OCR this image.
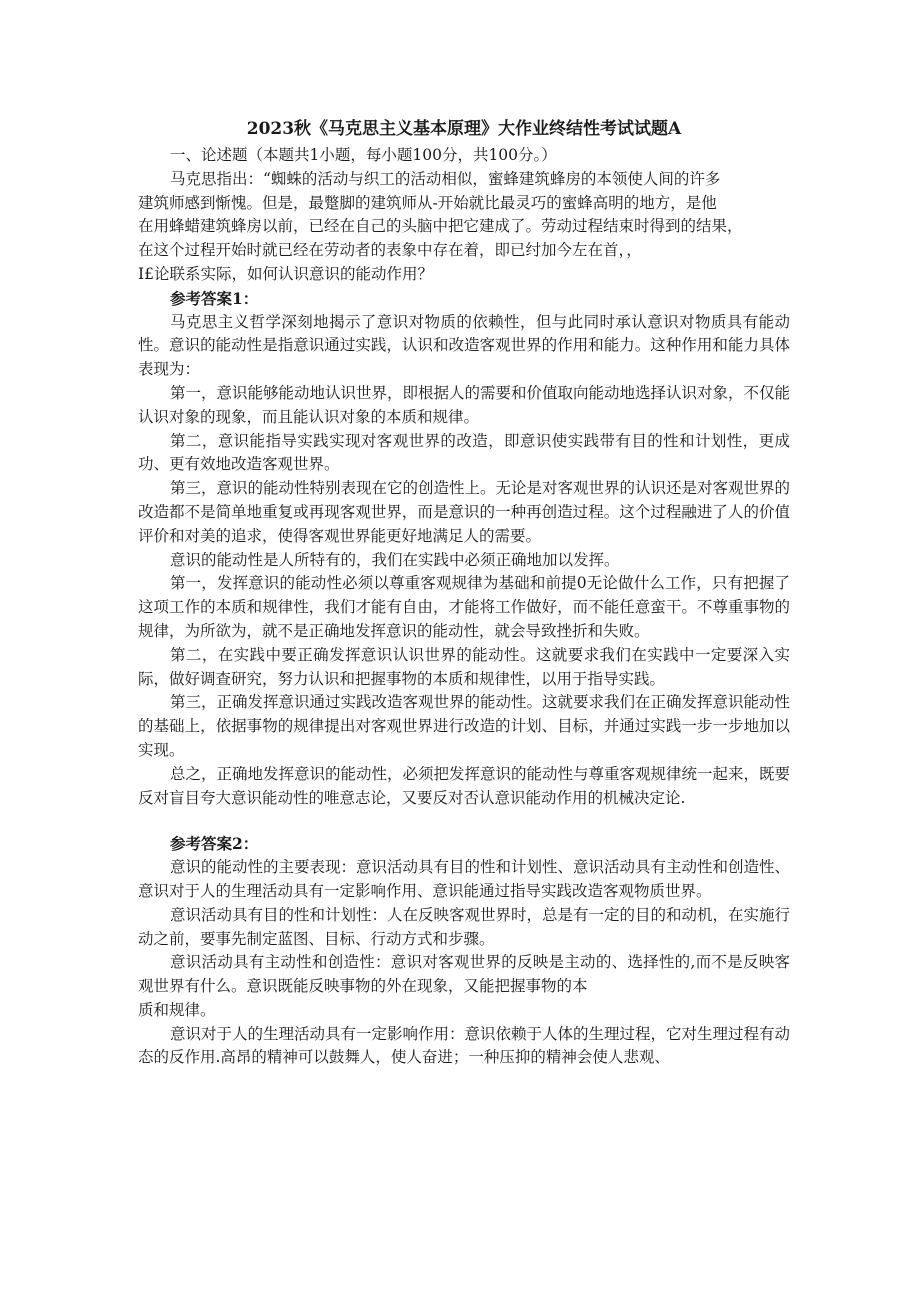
2023秋《马克思主义基本原理》大作业终结性考试试题A

一、论述题（本题共1小题，每小题100分，共100分。）

马克思指出：“蜘蛛的活动与织工的活动相似，蜜蜂建筑蜂房的本领使人间的许多

建筑师感到惭愧。但是，最蹩脚的建筑师从-开始就比最灵巧的蜜蜂高明的地方，是他

在用蜂蜡建筑蜂房以前，已经在自己的头脑中把它建成了。劳动过程结束时得到的结果，

在这个过程开始时就已经在劳动者的表象中存在着，即已纣加今左在首，，

I£论联系实际，如何认识意识的能动作用？

参考答案1：

马克思主义哲学深刻地揭示了意识对物质的依赖性，但与此同时承认意识对物质具有能动性。意识的能动性是指意识通过实践，认识和改造客观世界的作用和能力。这种作用和能力具体表现为：

第一，意识能够能动地认识世界，即根据人的需要和价值取向能动地选择认识对象，不仅能认识对象的现象，而且能认识对象的本质和规律。

第二，意识能指导实践实现对客观世界的改造，即意识使实践带有目的性和计划性，更成功、更有效地改造客观世界。

第三，意识的能动性特别表现在它的创造性上。无论是对客观世界的认识还是对客观世界的改造都不是简单地重复或再现客观世界，而是意识的一种再创造过程。这个过程融进了人的价值评价和对美的追求，使得客观世界能更好地满足人的需要。

意识的能动性是人所特有的，我们在实践中必须正确地加以发挥。

第一，发挥意识的能动性必须以尊重客观规律为基础和前提0无论做什么工作，只有把握了这项工作的本质和规律性，我们才能有自由，才能将工作做好，而不能任意蛮干。不尊重事物的规律，为所欲为，就不是正确地发挥意识的能动性，就会导致挫折和失败。

第二，在实践中要正确发挥意识认识世界的能动性。这就要求我们在实践中一定要深入实际，做好调查研究，努力认识和把握事物的本质和规律性，以用于指导实践。

第三，正确发挥意识通过实践改造客观世界的能动性。这就要求我们在正确发挥意识能动性的基础上，依据事物的规律提出对客观世界进行改造的计划、目标，并通过实践一步一步地加以实现。

总之，正确地发挥意识的能动性，必须把发挥意识的能动性与尊重客观规律统一起来，既要反对盲目夸大意识能动性的唯意志论，又要反对否认意识能动作用的机械决定论.

参考答案2：

意识的能动性的主要表现：意识活动具有目的性和计划性、意识活动具有主动性和创造性、意识对于人的生理活动具有一定影响作用、意识能通过指导实践改造客观物质世界。

意识活动具有目的性和计划性：人在反映客观世界时，总是有一定的目的和动机，在实施行动之前，要事先制定蓝图、目标、行动方式和步骤。

意识活动具有主动性和创造性：意识对客观世界的反映是主动的、选择性的,而不是反映客观世界有什么。意识既能反映事物的外在现象，又能把握事物的本

质和规律。

意识对于人的生理活动具有一定影响作用：意识依赖于人体的生理过程，它对生理过程有动态的反作用.高昂的精神可以鼓舞人，使人奋进；一种压抑的精神会使人悲观、
